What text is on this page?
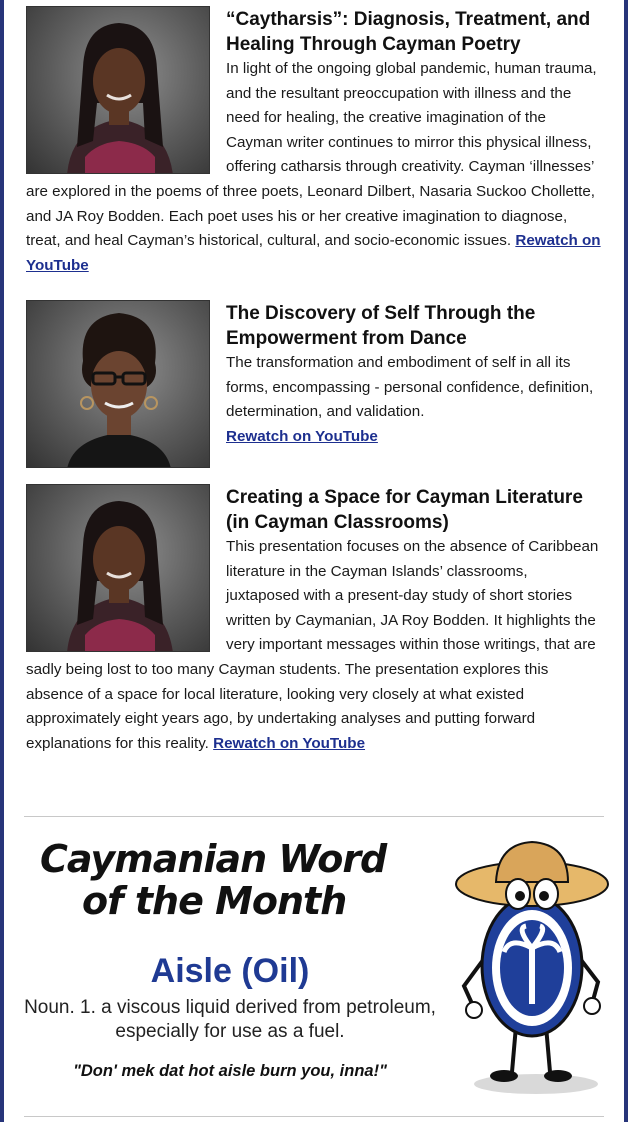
“Caytharsis”: Diagnosis, Treatment, and Healing Through Cayman Poetry

In light of the ongoing global pandemic, human trauma, and the resultant preoccupation with illness and the need for healing, the creative imagination of the Cayman writer continues to mirror this physical illness, offering catharsis through creativity. Cayman ‘illnesses’ are explored in the poems of three poets, Leonard Dilbert, Nasaria Suckoo Chollette, and JA Roy Bodden. Each poet uses his or her creative imagination to diagnose, treat, and heal Cayman’s historical, cultural, and socio-economic issues. Rewatch on YouTube

The Discovery of Self Through the Empowerment from Dance

The transformation and embodiment of self in all its forms, encompassing - personal confidence, definition, determination, and validation.
Rewatch on YouTube

Creating a Space for Cayman Literature (in Cayman Classrooms)

This presentation focuses on the absence of Caribbean literature in the Cayman Islands’ classrooms, juxtaposed with a present-day study of short stories written by Caymanian, JA Roy Bodden. It highlights the very important messages within those writings, that are sadly being lost to too many Cayman students. The presentation explores this absence of a space for local literature, looking very closely at what existed approximately eight years ago, by undertaking analyses and putting forward explanations for this reality. Rewatch on YouTube

Caymanian Word
of the Month
Aisle (Oil)
Noun. 1. a viscous liquid derived from petroleum, especially for use as a fuel.
"Don' mek dat hot aisle burn you, inna!"
